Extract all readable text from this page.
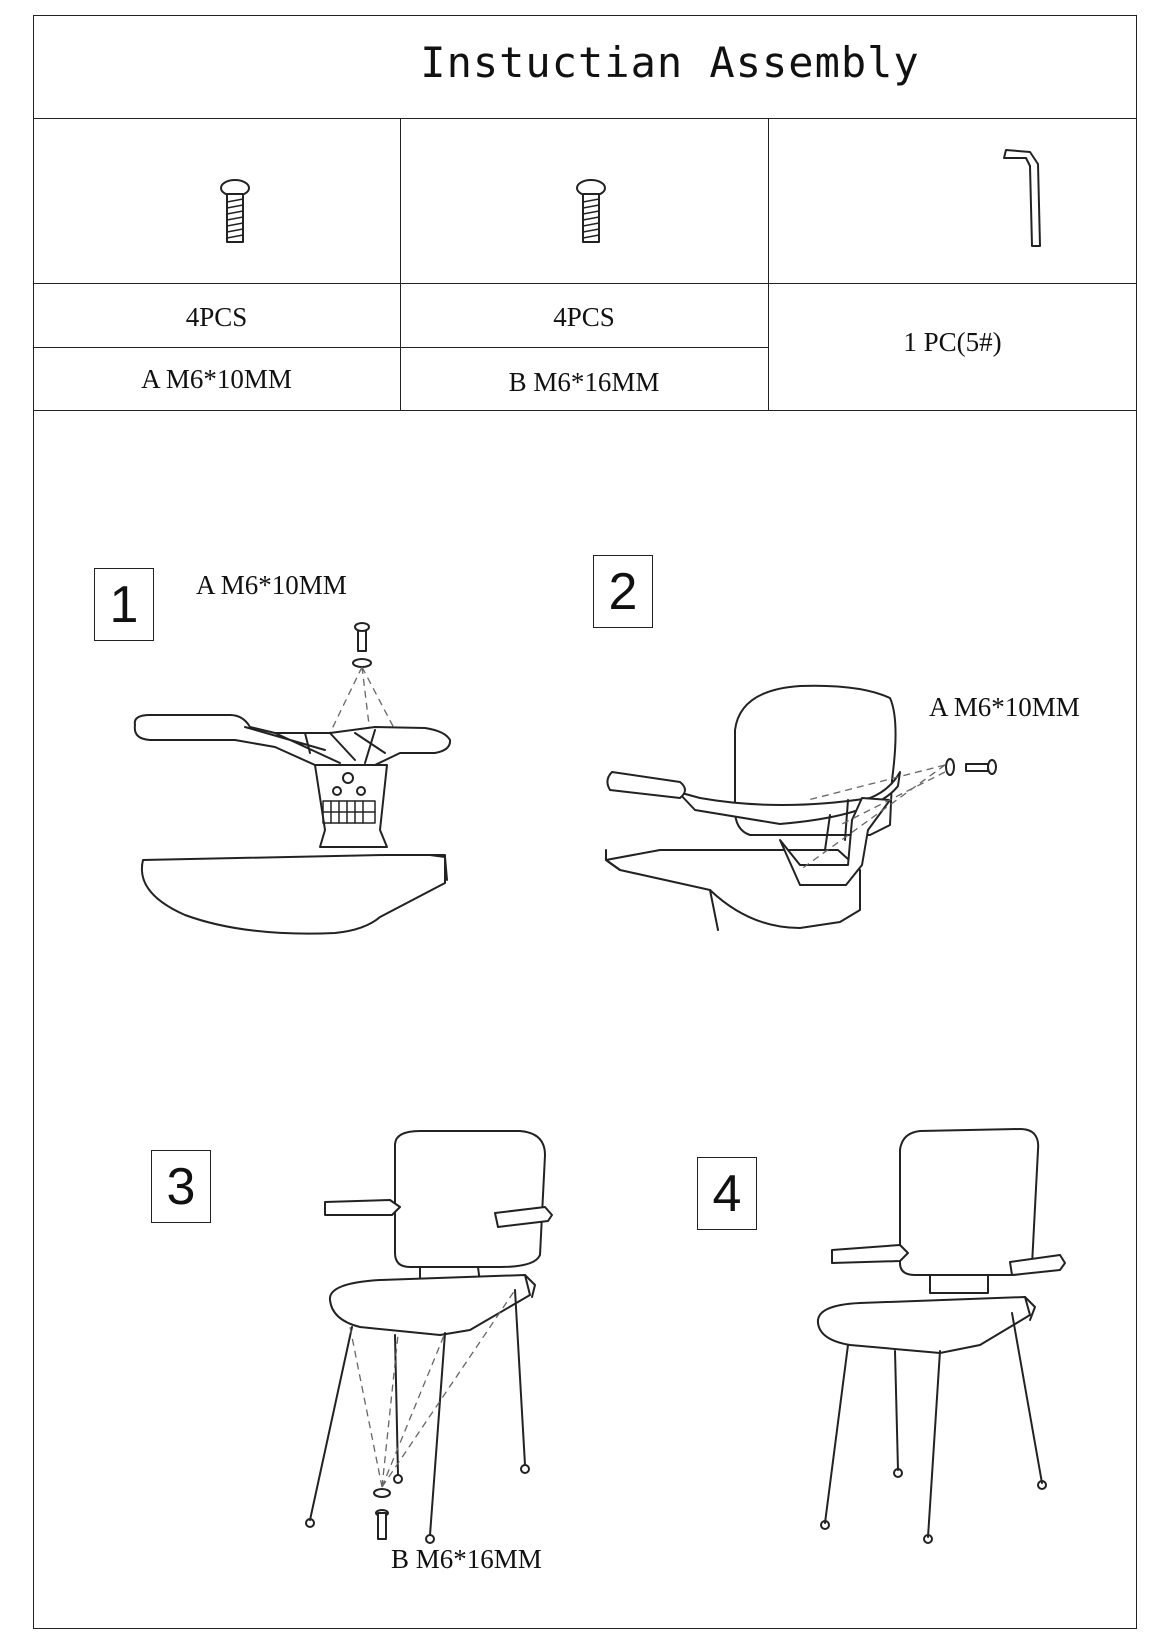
Instuctian Assembly
4PCS
A M6*10MM
4PCS
B M6*16MM
1 PC(5#)
1	2
3	4
A M6*10MM
A M6*10MM
B M6*16MM
